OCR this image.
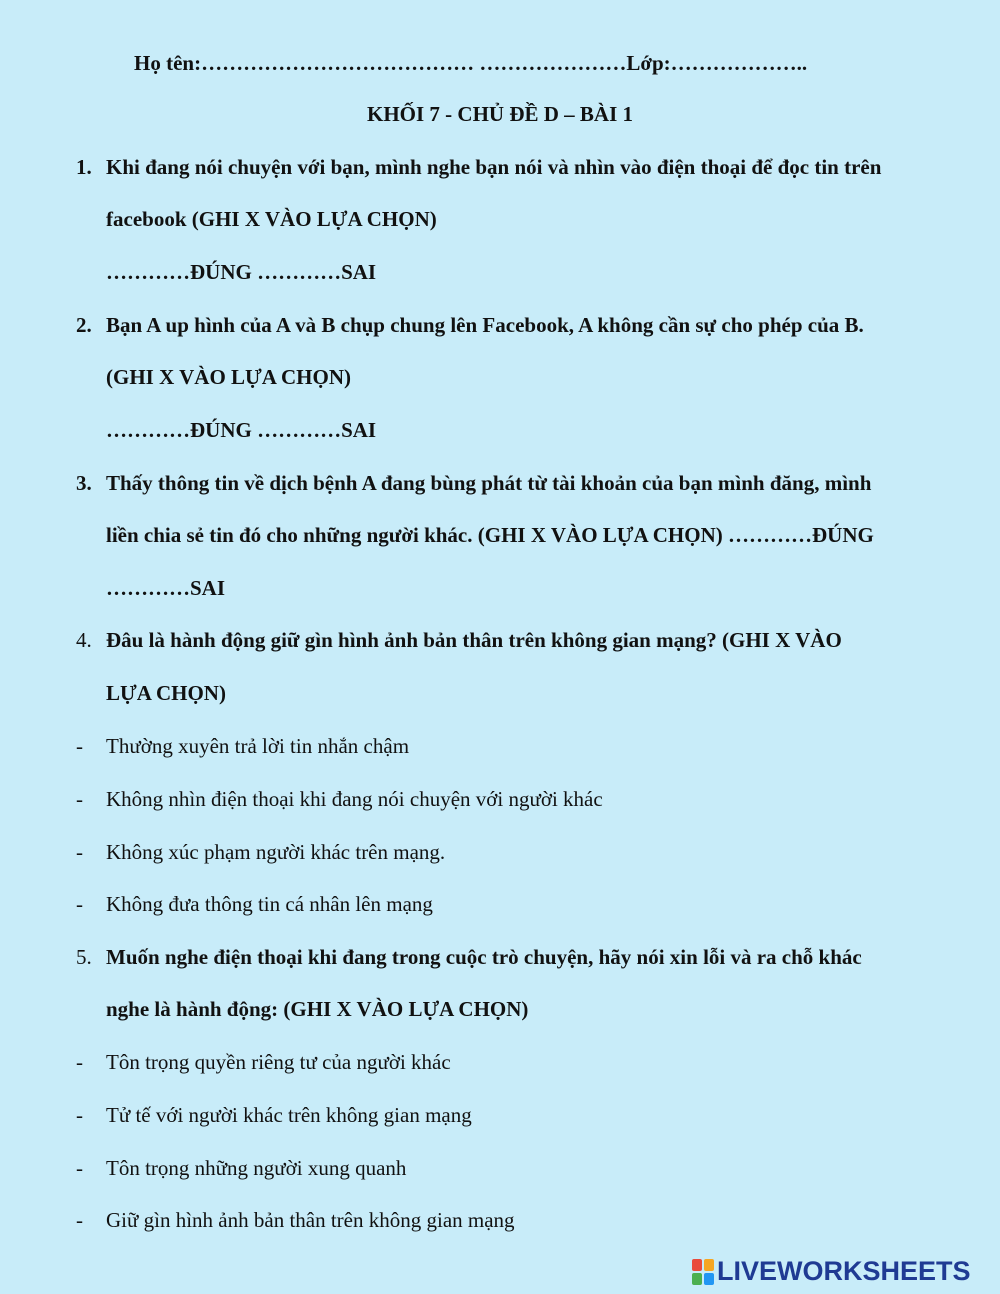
Họ tên:………………………………… …………………Lớp:………………..
KHỐI 7 - CHỦ ĐỀ D – BÀI 1
1. Khi đang nói chuyện với bạn, mình nghe bạn nói và nhìn vào điện thoại để đọc tin trên
facebook (GHI X VÀO LỰA CHỌN)
…………ĐÚNG …………SAI
2. Bạn A up hình của A và B chụp chung lên Facebook, A không cần sự cho phép của B.
(GHI X VÀO LỰA CHỌN)
…………ĐÚNG …………SAI
3. Thấy thông tin về dịch bệnh A đang bùng phát từ tài khoản của bạn mình đăng, mình
liền chia sẻ tin đó cho những người khác. (GHI X VÀO LỰA CHỌN) …………ĐÚNG
…………SAI
4. Đâu là hành động giữ gìn hình ảnh bản thân trên không gian mạng? (GHI X VÀO
LỰA CHỌN)
- Thường xuyên trả lời tin nhắn chậm
- Không nhìn điện thoại khi đang nói chuyện với người khác
- Không xúc phạm người khác trên mạng.
- Không đưa thông tin cá nhân lên mạng
5. Muốn nghe điện thoại khi đang trong cuộc trò chuyện, hãy nói xin lỗi và ra chỗ khác
nghe là hành động: (GHI X VÀO LỰA CHỌN)
- Tôn trọng quyền riêng tư của người khác
- Tử tế với người khác trên không gian mạng
- Tôn trọng những người xung quanh
- Giữ gìn hình ảnh bản thân trên không gian mạng
LIVEWORKSHEETS
